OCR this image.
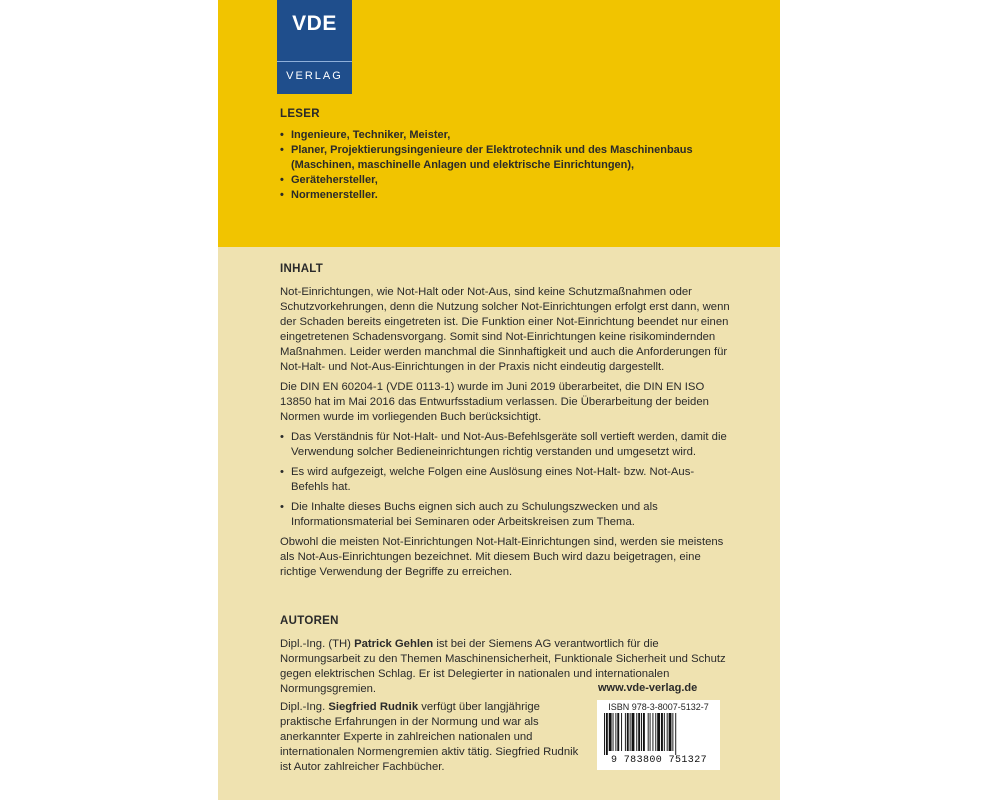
VDE
VERLAG
LESER
• Ingenieure, Techniker, Meister,
• Planer, Projektierungsingenieure der Elektrotechnik und des Maschinenbaus (Maschinen, maschinelle Anlagen und elektrische Einrichtungen),
• Gerätehersteller,
• Normenersteller.
INHALT

Not-Einrichtungen, wie Not-Halt oder Not-Aus, sind keine Schutzmaßnahmen oder Schutzvorkehrungen, denn die Nutzung solcher Not-Einrichtungen erfolgt erst dann, wenn der Schaden bereits eingetreten ist. Die Funktion einer Not-Einrichtung beendet nur einen eingetretenen Schadensvorgang. Somit sind Not-Einrichtungen keine risikomindernden Maßnahmen. Leider werden manchmal die Sinnhaftigkeit und auch die Anforderungen für Not-Halt- und Not-Aus-Einrichtungen in der Praxis nicht eindeutig dargestellt.

Die DIN EN 60204-1 (VDE 0113-1) wurde im Juni 2019 überarbeitet, die DIN EN ISO 13850 hat im Mai 2016 das Entwurfsstadium verlassen. Die Überarbeitung der beiden Normen wurde im vorliegenden Buch berücksichtigt.

• Das Verständnis für Not-Halt- und Not-Aus-Befehlsgeräte soll vertieft werden, damit die Verwendung solcher Bedieneinrichtungen richtig verstanden und umgesetzt wird.
• Es wird aufgezeigt, welche Folgen eine Auslösung eines Not-Halt- bzw. Not-Aus-Befehls hat.
• Die Inhalte dieses Buchs eignen sich auch zu Schulungszwecken und als Informationsmaterial bei Seminaren oder Arbeitskreisen zum Thema.

Obwohl die meisten Not-Einrichtungen Not-Halt-Einrichtungen sind, werden sie meistens als Not-Aus-Einrichtungen bezeichnet. Mit diesem Buch wird dazu beigetragen, eine richtige Verwendung der Begriffe zu erreichen.

AUTOREN

Dipl.-Ing. (TH) Patrick Gehlen ist bei der Siemens AG verantwortlich für die Normungsarbeit zu den Themen Maschinensicherheit, Funktionale Sicherheit und Schutz gegen elektrischen Schlag. Er ist Delegierter in nationalen und internationalen Normungsgremien.

Dipl.-Ing. Siegfried Rudnik verfügt über langjährige praktische Erfahrungen in der Normung und war als anerkannter Experte in zahlreichen nationalen und internationalen Normengremien aktiv tätig. Siegfried Rudnik ist Autor zahlreicher Fachbücher.

www.vde-verlag.de
ISBN 978-3-8007-5132-7
9 783800 751327
